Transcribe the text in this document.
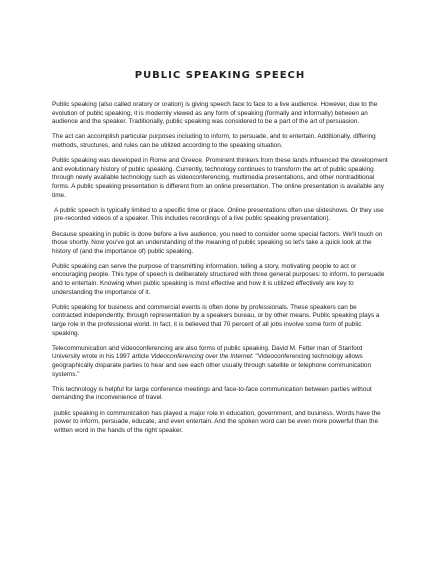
PUBLIC SPEAKING SPEECH

Public speaking (also called oratory or oration) is giving speech face to face to a live audience. However, due to the evolution of public speaking, it is modernly viewed as any form of speaking (formally and informally) between an audience and the speaker. Traditionally, public speaking was considered to be a part of the art of persuasion.

The act can accomplish particular purposes including to inform, to persuade, and to entertain. Additionally, differing methods, structures, and rules can be utilized according to the speaking situation.

Public speaking was developed in Rome and Greece. Prominent thinkers from these lands influenced the development and evolutionary history of public speaking. Currently, technology continues to transform the art of public speaking through newly available technology such as videoconferencing, multimedia presentations, and other nontraditional forms. A public speaking presentation is different from an online presentation. The online presentation is available any time.

A public speech is typically limited to a specific time or place. Online presentations often use slideshows. Or they use pre-recorded videos of a speaker. This includes recordings of a live public speaking presentation).

Because speaking in public is done before a live audience, you need to consider some special factors. We'll touch on those shortly. Now you've got an understanding of the meaning of public speaking so let's take a quick look at the history of (and the importance of) public speaking.

Public speaking can serve the purpose of transmitting information, telling a story, motivating people to act or encouraging people. This type of speech is deliberately structured with three general purposes: to inform, to persuade and to entertain. Knowing when public speaking is most effective and how it is utilized effectively are key to understanding the importance of it.

Public speaking for business and commercial events is often done by professionals. These speakers can be contracted independently, through representation by a speakers bureau, or by other means. Public speaking plays a large role in the professional world. In fact, it is believed that 70 percent of all jobs involve some form of public speaking.

Telecommunication and videoconferencing are also forms of public speaking. David M. Fetter man of Stanford University wrote in his 1997 article Videoconferencing over the Internet: "Videoconferencing technology allows geographically disparate parties to hear and see each other usually through satellite or telephone communication systems."

This technology is helpful for large conference meetings and face-to-face communication between parties without demanding the inconvenience of travel.

public speaking in communication has played a major role in education, government, and business. Words have the power to inform, persuade, educate, and even entertain. And the spoken word can be even more powerful than the written word in the hands of the right speaker.
